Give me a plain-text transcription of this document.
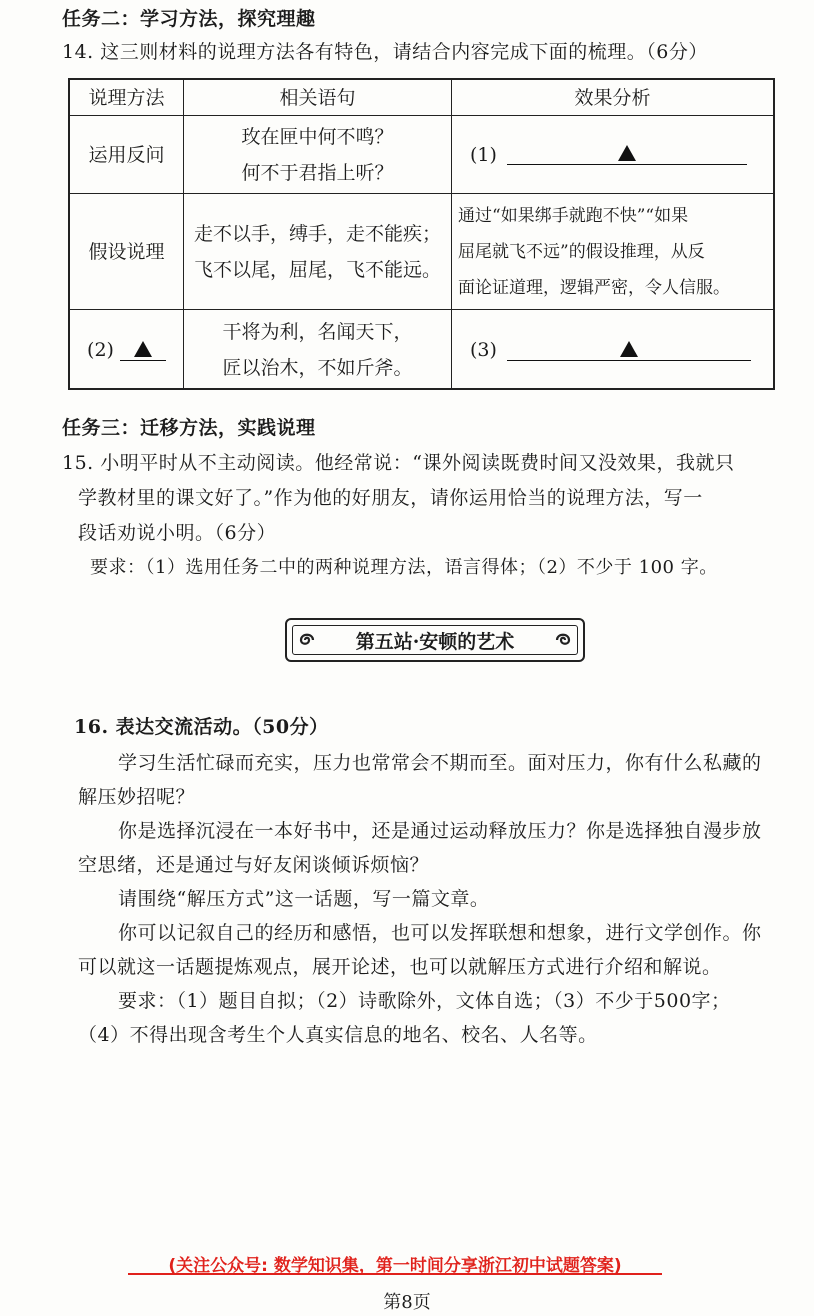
任务二：学习方法，探究理趣
14. 这三则材料的说理方法各有特色，请结合内容完成下面的梳理。（6分）
说理方法	相关语句	效果分析
运用反问
玫在匣中何不鸣？
何不于君指上听？
(1)
假设说理
走不以手，缚手，走不能疾；
飞不以尾，屈尾，飞不能远。
通过“如果绑手就跑不快”“如果
屈尾就飞不远”的假设推理，从反
面论证道理，逻辑严密，令人信服。
(2)
干将为利，名闻天下，
匠以治木，不如斤斧。
(3)
任务三：迁移方法，实践说理
15. 小明平时从不主动阅读。他经常说：“课外阅读既费时间又没效果，我就只
学教材里的课文好了。”作为他的好朋友，请你运用恰当的说理方法，写一
段话劝说小明。（6分）
要求：（1）选用任务二中的两种说理方法，语言得体；（2）不少于 100 字。
第五站·安顿的艺术
16. 表达交流活动。（50分）
学习生活忙碌而充实，压力也常常会不期而至。面对压力，你有什么私藏的
解压妙招呢？
你是选择沉浸在一本好书中，还是通过运动释放压力？你是选择独自漫步放
空思绪，还是通过与好友闲谈倾诉烦恼？
请围绕“解压方式”这一话题，写一篇文章。
你可以记叙自己的经历和感悟，也可以发挥联想和想象，进行文学创作。你
可以就这一话题提炼观点，展开论述，也可以就解压方式进行介绍和解说。
要求：（1）题目自拟；（2）诗歌除外，文体自选；（3）不少于500字；
（4）不得出现含考生个人真实信息的地名、校名、人名等。
(关注公众号: 数学知识集，第一时间分享浙江初中试题答案)
第8页
